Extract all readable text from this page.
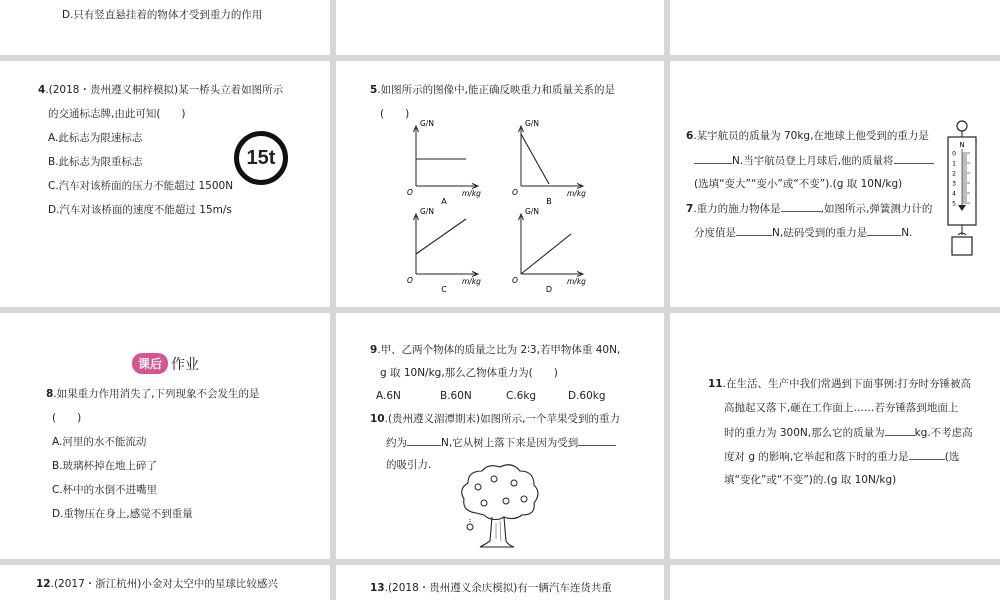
D.只有竖直悬挂着的物体才受到重力的作用
4.(2018・贵州遵义桐梓模拟)某一桥头立着如图所示
的交通标志牌,由此可知(　　)
A.此标志为限速标志
B.此标志为限重标志
C.汽车对该桥面的压力不能超过 1500N
D.汽车对该桥面的速度不能超过 15m/s
15t
5.如图所示的图像中,能正确反映重力和质量关系的是
(　　)
G/N
m/kg
O
A
G/N
m/kg
O
B
G/N
m/kg
O
C
G/N
m/kg
O
D
6.某宇航员的质量为 70kg,在地球上他受到的重力是
N.当宇航员登上月球后,他的质量将
(选填“变大”“变小”或“不变”).(g 取 10N/kg)
7.重力的施力物体是	,如图所示,弹簧测力计的
分度值是	N,砝码受到的重力是	N.
N
0
1
2
3
4
5
课后 作业
8.如果重力作用消失了,下列现象不会发生的是
(　　)
A.河里的水不能流动
B.玻璃杯掉在地上碎了
C.杯中的水倒不进嘴里
D.重物压在身上,感觉不到重量
9.甲、乙两个物体的质量之比为 2∶3,若甲物体重 40N,
g 取 10N/kg,那么乙物体重力为(　　)
A.6N	B.60N	C.6kg	D.60kg
10.(贵州遵义湄潭期末)如图所示,一个苹果受到的重力
约为	N,它从树上落下来是因为受到
的吸引力.
11.在生活、生产中我们常遇到下面事例:打夯时夯锤被高
高抛起又落下,砸在工作面上……若夯锤落到地面上
时的重力为 300N,那么它的质量为	kg.不考虑高
度对 g 的影响,它举起和落下时的重力是	(选
填“变化”或“不变”)的.(g 取 10N/kg)
12.(2017・浙江杭州)小金对太空中的星球比较感兴	13.(2018・贵州遵义余庆模拟)有一辆汽车连货共重
